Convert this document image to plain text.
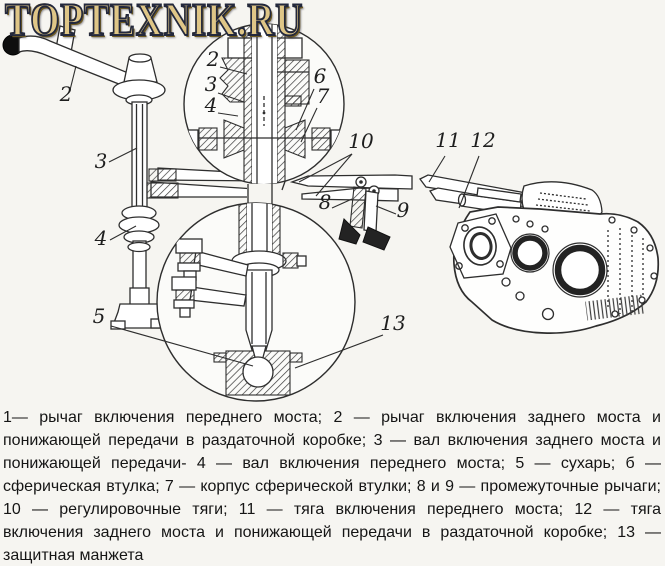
2
3
4
2
3
4
6
7
10	11 12
8	9
5	13
TOPTEXNIK.RU

1— рычаг включения переднего моста; 2 — рычаг включения заднего моста и понижающей передачи в раздаточной коробке; 3 — вал включения заднего моста и понижающей передачи- 4 — вал включения переднего моста; 5 — сухарь; б — сферическая втулка; 7 — корпус сферической втулки; 8 и 9 — промежуточные рычаги; 10 — регулировочные тяги; 11 — тяга включения переднего моста; 12 — тяга включения заднего моста и понижающей передачи в раздаточной коробке; 13 — защитная манжета
